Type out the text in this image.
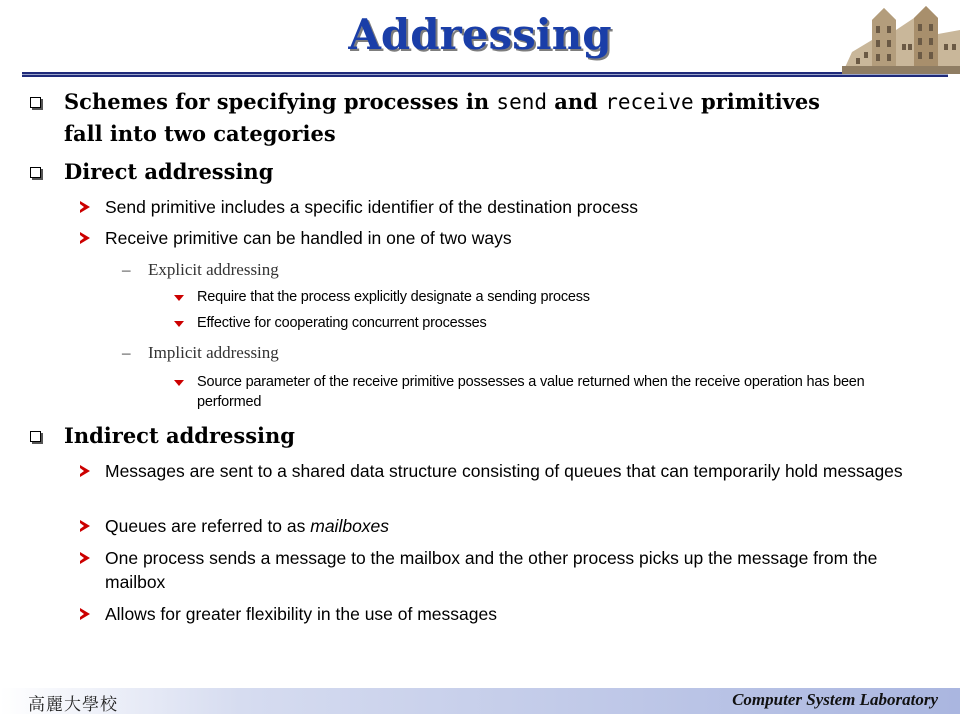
Addressing
Schemes for specifying processes in send and receive primitives
fall into two categories
Direct addressing
Send primitive includes a specific identifier of the destination process
Receive primitive can be handled in one of two ways
– Explicit addressing
Require that the process explicitly designate a sending process
Effective for cooperating concurrent processes
– Implicit addressing
Source parameter of the receive primitive possesses a value returned when the receive operation has been performed
Indirect addressing
Messages are sent to a shared data structure consisting of queues that can temporarily hold messages
Queues are referred to as mailboxes
One process sends a message to the mailbox and the other process picks up the message from the mailbox
Allows for greater flexibility in the use of messages
高麗大學校	Computer System Laboratory
